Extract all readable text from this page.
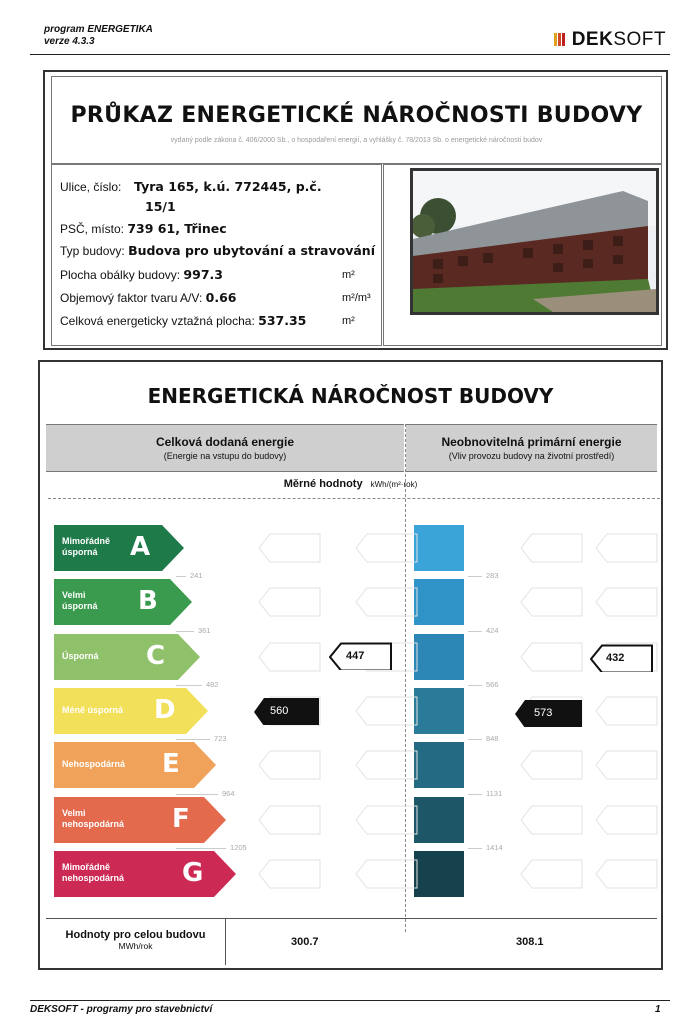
program ENERGETIKA
verze 4.3.3	DEKSOFT
PRŮKAZ ENERGETICKÉ NÁROČNOSTI BUDOVY
vydaný podle zákona č. 406/2000 Sb., o hospodaření energií, a vyhlášky č. 78/2013 Sb. o energetické náročnosti budov
Ulice, číslo: Tyra 165, k.ú. 772445, p.č.
15/1
PSČ, místo: 739 61, Třinec
Typ budovy: Budova pro ubytování a stravování
Plocha obálky budovy: 997.3	m²
Objemový faktor tvaru A/V: 0.66	m²/m³
Celková energeticky vztažná plocha: 537.35	m²
ENERGETICKÁ NÁROČNOST BUDOVY
Celková dodaná energie
(Energie na vstupu do budovy)
Neobnovitelná primární energie
(Vliv provozu budovy na životní prostředí)
Měrné hodnoty kWh/(m²·rok)
Mimořádně
úsporná	A
Velmi
úsporná B
Úsporná C
Méně úsporná D
Nehospodárná E
Velmi
nehospodárná F
Mimořádně
nehospodárná G
241
361
482
723
964
1205
283
424
566
848
1131
1414
560
447
573
432
Hodnoty pro celou budovu
MWh/rok	300.7	308.1
DEKSOFT - programy pro stavebnictví	1
